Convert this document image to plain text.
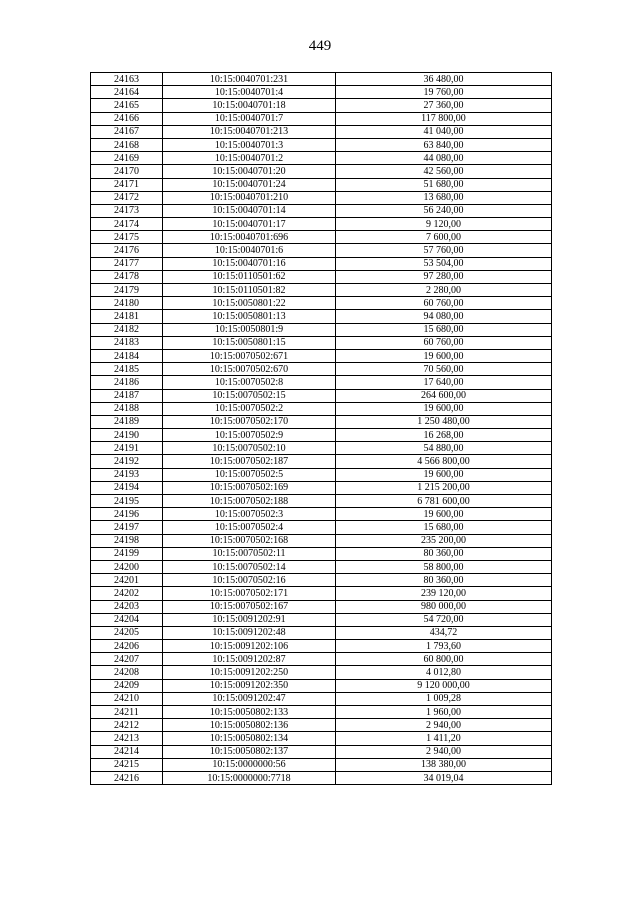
449
24163	10:15:0040701:231	36 480,00
24164	10:15:0040701:4	19 760,00
24165	10:15:0040701:18	27 360,00
24166	10:15:0040701:7	117 800,00
24167	10:15:0040701:213	41 040,00
24168	10:15:0040701:3	63 840,00
24169	10:15:0040701:2	44 080,00
24170	10:15:0040701:20	42 560,00
24171	10:15:0040701:24	51 680,00
24172	10:15:0040701:210	13 680,00
24173	10:15:0040701:14	56 240,00
24174	10:15:0040701:17	9 120,00
24175	10:15:0040701:696	7 600,00
24176	10:15:0040701:6	57 760,00
24177	10:15:0040701:16	53 504,00
24178	10:15:0110501:62	97 280,00
24179	10:15:0110501:82	2 280,00
24180	10:15:0050801:22	60 760,00
24181	10:15:0050801:13	94 080,00
24182	10:15:0050801:9	15 680,00
24183	10:15:0050801:15	60 760,00
24184	10:15:0070502:671	19 600,00
24185	10:15:0070502:670	70 560,00
24186	10:15:0070502:8	17 640,00
24187	10:15:0070502:15	264 600,00
24188	10:15:0070502:2	19 600,00
24189	10:15:0070502:170	1 250 480,00
24190	10:15:0070502:9	16 268,00
24191	10:15:0070502:10	54 880,00
24192	10:15:0070502:187	4 566 800,00
24193	10:15:0070502:5	19 600,00
24194	10:15:0070502:169	1 215 200,00
24195	10:15:0070502:188	6 781 600,00
24196	10:15:0070502:3	19 600,00
24197	10:15:0070502:4	15 680,00
24198	10:15:0070502:168	235 200,00
24199	10:15:0070502:11	80 360,00
24200	10:15:0070502:14	58 800,00
24201	10:15:0070502:16	80 360,00
24202	10:15:0070502:171	239 120,00
24203	10:15:0070502:167	980 000,00
24204	10:15:0091202:91	54 720,00
24205	10:15:0091202:48	434,72
24206	10:15:0091202:106	1 793,60
24207	10:15:0091202:87	60 800,00
24208	10:15:0091202:250	4 012,80
24209	10:15:0091202:350	9 120 000,00
24210	10:15:0091202:47	1 009,28
24211	10:15:0050802:133	1 960,00
24212	10:15:0050802:136	2 940,00
24213	10:15:0050802:134	1 411,20
24214	10:15:0050802:137	2 940,00
24215	10:15:0000000:56	138 380,00
24216	10:15:0000000:7718	34 019,04
